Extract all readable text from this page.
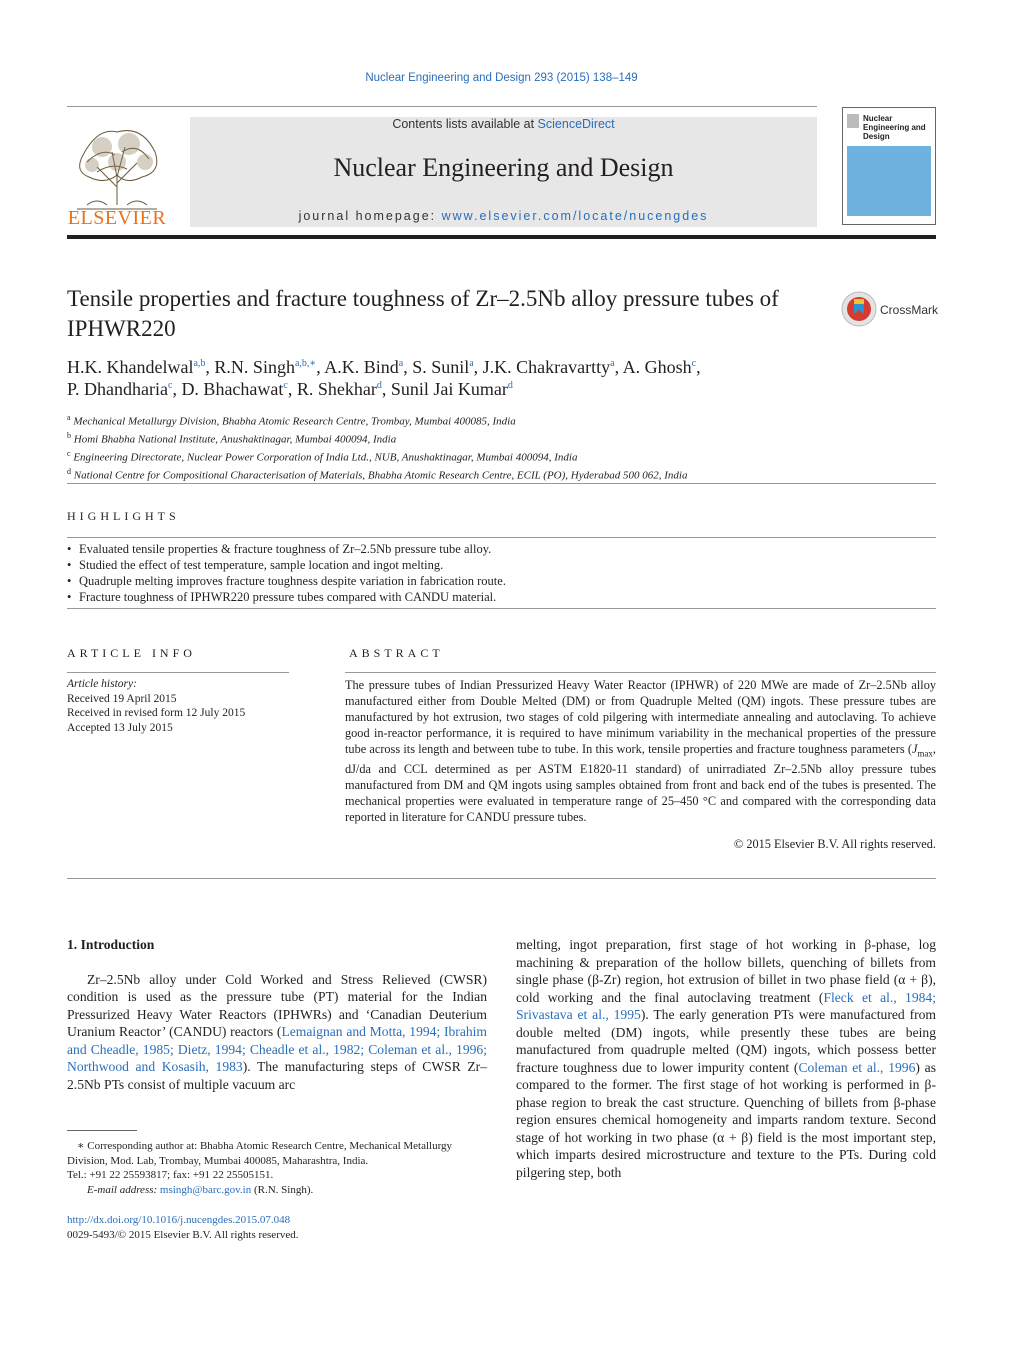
Nuclear Engineering and Design 293 (2015) 138–149
ELSEVIER
Contents lists available at ScienceDirect
Nuclear Engineering and Design
journal homepage: www.elsevier.com/locate/nucengdes
Nuclear Engineering and Design
Tensile properties and fracture toughness of Zr–2.5Nb alloy pressure tubes of IPHWR220
CrossMark
H.K. Khandelwal$^{a,b}$, R.N. Singh$^{a,b,∗}$, A.K. Bind$^a$, S. Sunil$^a$, J.K. Chakravartty$^a$, A. Ghosh$^c$,
P. Dhandharia$^c$, D. Bhachawat$^c$, R. Shekhar$^d$, Sunil Jai Kumar$^d$
$^a$ Mechanical Metallurgy Division, Bhabha Atomic Research Centre, Trombay, Mumbai 400085, India
$^b$ Homi Bhabha National Institute, Anushaktinagar, Mumbai 400094, India
$^c$ Engineering Directorate, Nuclear Power Corporation of India Ltd., NUB, Anushaktinagar, Mumbai 400094, India
$^d$ National Centre for Compositional Characterisation of Materials, Bhabha Atomic Research Centre, ECIL (PO), Hyderabad 500 062, India
HIGHLIGHTS
• Evaluated tensile properties & fracture toughness of Zr–2.5Nb pressure tube alloy.
• Studied the effect of test temperature, sample location and ingot melting.
• Quadruple melting improves fracture toughness despite variation in fabrication route.
• Fracture toughness of IPHWR220 pressure tubes compared with CANDU material.
ARTICLE INFO
Article history:
Received 19 April 2015
Received in revised form 12 July 2015
Accepted 13 July 2015
ABSTRACT
The pressure tubes of Indian Pressurized Heavy Water Reactor (IPHWR) of 220 MWe are made of Zr–2.5Nb alloy manufactured either from Double Melted (DM) or from Quadruple Melted (QM) ingots. These pressure tubes are manufactured by hot extrusion, two stages of cold pilgering with intermediate annealing and autoclaving. To achieve good in-reactor performance, it is required to have minimum variability in the mechanical properties of the pressure tube across its length and between tube to tube. In this work, tensile properties and fracture toughness parameters ($J_{max}$, dJ/da and CCL determined as per ASTM E1820-11 standard) of unirradiated Zr–2.5Nb alloy pressure tubes manufactured from DM and QM ingots using samples obtained from front and back end of the tubes is presented. The mechanical properties were evaluated in temperature range of 25–450 °C and compared with the corresponding data reported in literature for CANDU pressure tubes.
© 2015 Elsevier B.V. All rights reserved.
1. Introduction

Zr–2.5Nb alloy under Cold Worked and Stress Relieved (CWSR) condition is used as the pressure tube (PT) material for the Indian Pressurized Heavy Water Reactors (IPHWRs) and ‘Canadian Deuterium Uranium Reactor’ (CANDU) reactors (Lemaignan and Motta, 1994; Ibrahim and Cheadle, 1985; Dietz, 1994; Cheadle et al., 1982; Coleman et al., 1996; Northwood and Kosasih, 1983). The manufacturing steps of CWSR Zr–2.5Nb PTs consist of multiple vacuum arc

melting, ingot preparation, first stage of hot working in β-phase, log machining & preparation of the hollow billets, quenching of billets from single phase (β-Zr) region, hot extrusion of billet in two phase field (α + β), cold working and the final autoclaving treatment (Fleck et al., 1984; Srivastava et al., 1995). The early generation PTs were manufactured from double melted (DM) ingots, while presently these tubes are being manufactured from quadruple melted (QM) ingots, which possess better fracture toughness due to lower impurity content (Coleman et al., 1996) as compared to the former. The first stage of hot working is performed in β-phase region to break the cast structure. Quenching of billets from β-phase region ensures chemical homogeneity and imparts random texture. Second stage of hot working in two phase (α + β) field is the most important step, which imparts desired microstructure and texture to the PTs. During cold pilgering step, both

∗ Corresponding author at: Bhabha Atomic Research Centre, Mechanical Metallurgy Division, Mod. Lab, Trombay, Mumbai 400085, Maharashtra, India.
Tel.: +91 22 25593817; fax: +91 22 25505151.
E-mail address: msingh@barc.gov.in (R.N. Singh).
http://dx.doi.org/10.1016/j.nucengdes.2015.07.048
0029-5493/© 2015 Elsevier B.V. All rights reserved.
